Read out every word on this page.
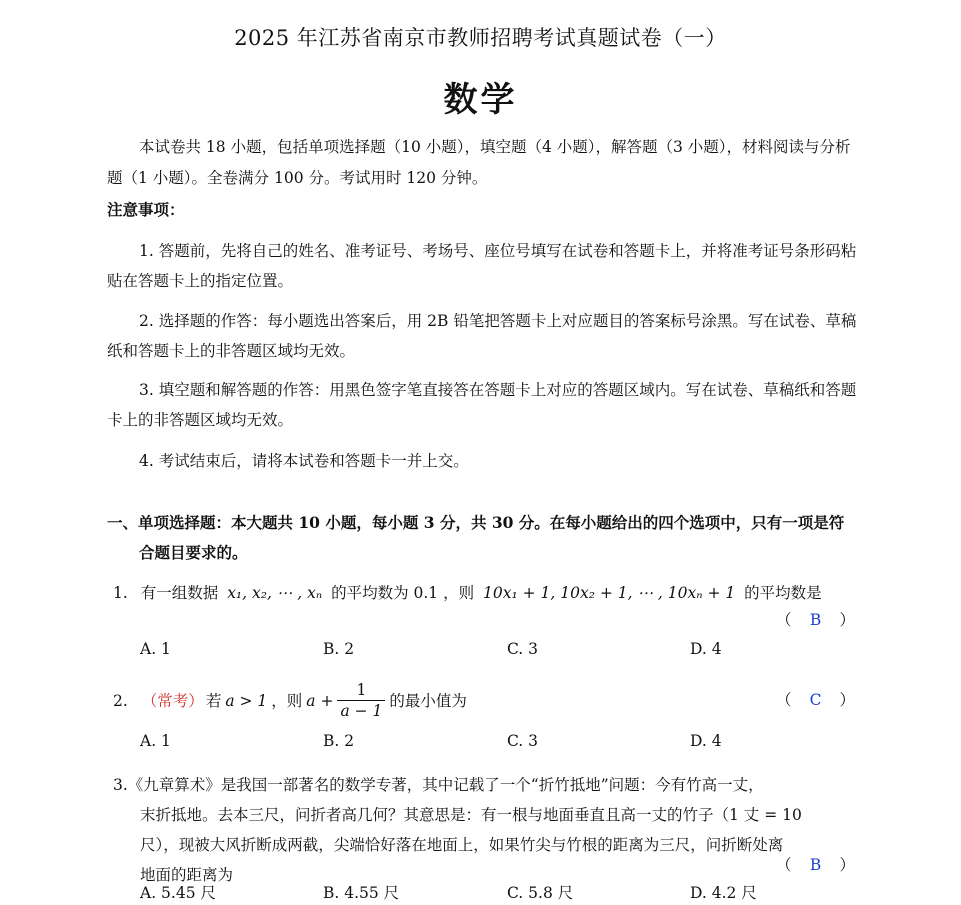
2025 年江苏省南京市教师招聘考试真题试卷（一）
数学
本试卷共 18 小题，包括单项选择题（10 小题），填空题（4 小题），解答题（3 小题），材料阅读与分析题（1 小题）。全卷满分 100 分。考试用时 120 分钟。
注意事项：
1. 答题前，先将自己的姓名、准考证号、考场号、座位号填写在试卷和答题卡上，并将准考证号条形码粘贴在答题卡上的指定位置。
2. 选择题的作答：每小题选出答案后，用 2B 铅笔把答题卡上对应题目的答案标号涂黑。写在试卷、草稿纸和答题卡上的非答题区域均无效。
3. 填空题和解答题的作答：用黑色签字笔直接答在答题卡上对应的答题区域内。写在试卷、草稿纸和答题卡上的非答题区域均无效。
4. 考试结束后，请将本试卷和答题卡一并上交。
一、单项选择题：本大题共 10 小题，每小题 3 分，共 30 分。在每小题给出的四个选项中，只有一项是符合题目要求的。
1. 有一组数据 x₁, x₂, ⋯ , xₙ 的平均数为 0.1 ，则 10x₁ + 1, 10x₂ + 1, ⋯ , 10xₙ + 1 的平均数是
（ B ）
A. 1	B. 2	C. 3	D. 4
2. （常考） 若 a > 1 ，则 $a + \frac{1}{a - 1}$ 的最小值为	（ C ）
A. 1	B. 2	C. 3	D. 4
3.《九章算术》是我国一部著名的数学专著，其中记载了一个“折竹抵地”问题：今有竹高一丈，
末折抵地。去本三尺，问折者高几何？其意思是：有一根与地面垂直且高一丈的竹子（1 丈 = 10
尺），现被大风折断成两截，尖端恰好落在地面上，如果竹尖与竹根的距离为三尺，问折断处离
地面的距离为
（ B ）
A. 5.45 尺	B. 4.55 尺	C. 5.8 尺	D. 4.2 尺
